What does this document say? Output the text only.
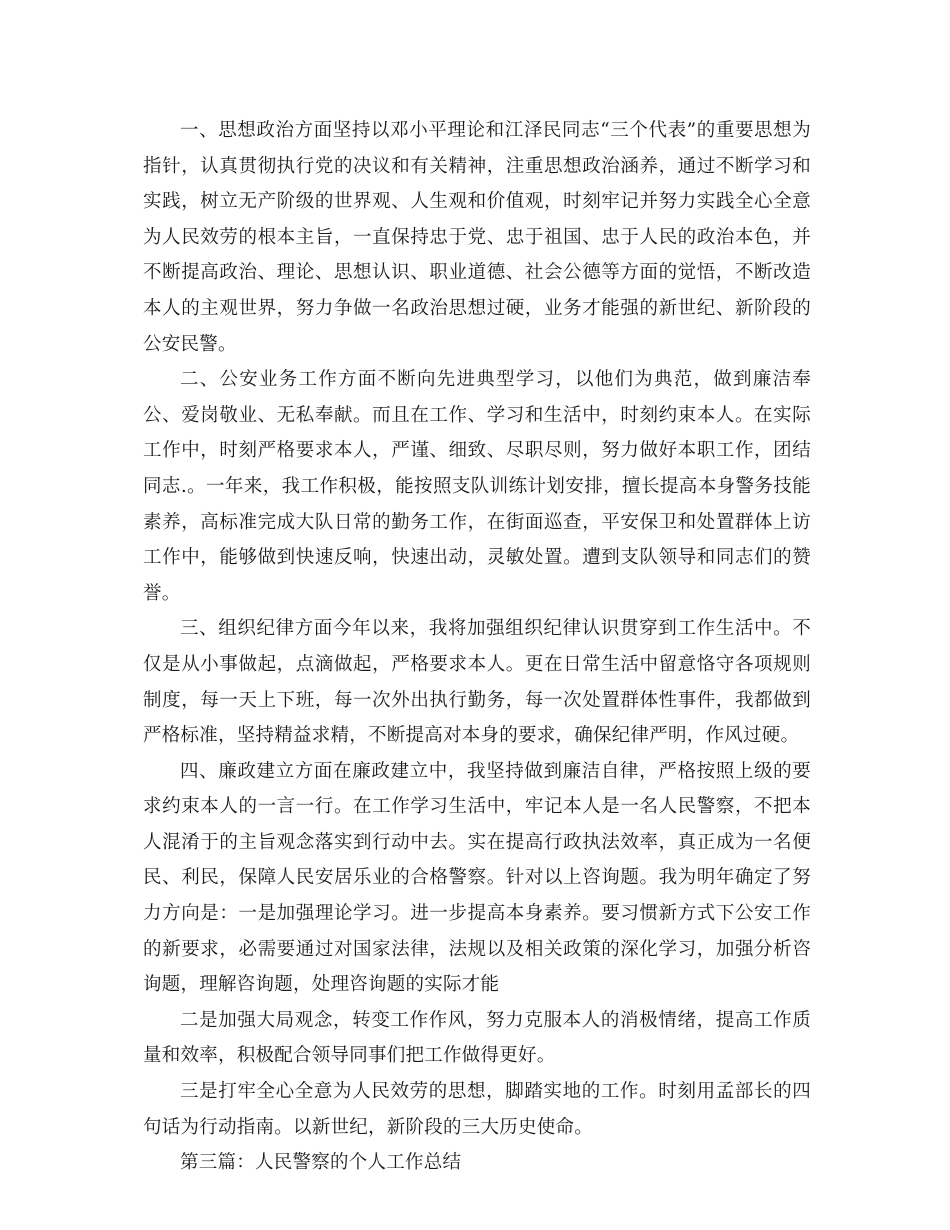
一、思想政治方面坚持以邓小平理论和江泽民同志“三个代表”的重要思想为指针，认真贯彻执行党的决议和有关精神，注重思想政治涵养，通过不断学习和实践，树立无产阶级的世界观、人生观和价值观，时刻牢记并努力实践全心全意为人民效劳的根本主旨，一直保持忠于党、忠于祖国、忠于人民的政治本色，并不断提高政治、理论、思想认识、职业道德、社会公德等方面的觉悟，不断改造本人的主观世界，努力争做一名政治思想过硬，业务才能强的新世纪、新阶段的公安民警。

二、公安业务工作方面不断向先进典型学习，以他们为典范，做到廉洁奉公、爱岗敬业、无私奉献。而且在工作、学习和生活中，时刻约束本人。在实际工作中，时刻严格要求本人，严谨、细致、尽职尽则，努力做好本职工作，团结同志.。一年来，我工作积极，能按照支队训练计划安排，擅长提高本身警务技能素养，高标准完成大队日常的勤务工作，在街面巡查，平安保卫和处置群体上访工作中，能够做到快速反响，快速出动，灵敏处置。遭到支队领导和同志们的赞誉。

三、组织纪律方面今年以来，我将加强组织纪律认识贯穿到工作生活中。不仅是从小事做起，点滴做起，严格要求本人。更在日常生活中留意恪守各项规则制度，每一天上下班，每一次外出执行勤务，每一次处置群体性事件，我都做到严格标准，坚持精益求精，不断提高对本身的要求，确保纪律严明，作风过硬。

四、廉政建立方面在廉政建立中，我坚持做到廉洁自律，严格按照上级的要求约束本人的一言一行。在工作学习生活中，牢记本人是一名人民警察，不把本人混淆于的主旨观念落实到行动中去。实在提高行政执法效率，真正成为一名便民、利民，保障人民安居乐业的合格警察。针对以上咨询题。我为明年确定了努力方向是：一是加强理论学习。进一步提高本身素养。要习惯新方式下公安工作的新要求，必需要通过对国家法律，法规以及相关政策的深化学习，加强分析咨询题，理解咨询题，处理咨询题的实际才能

二是加强大局观念，转变工作作风，努力克服本人的消极情绪，提高工作质量和效率，积极配合领导同事们把工作做得更好。

三是打牢全心全意为人民效劳的思想，脚踏实地的工作。时刻用孟部长的四句话为行动指南。以新世纪，新阶段的三大历史使命。

第三篇：人民警察的个人工作总结
